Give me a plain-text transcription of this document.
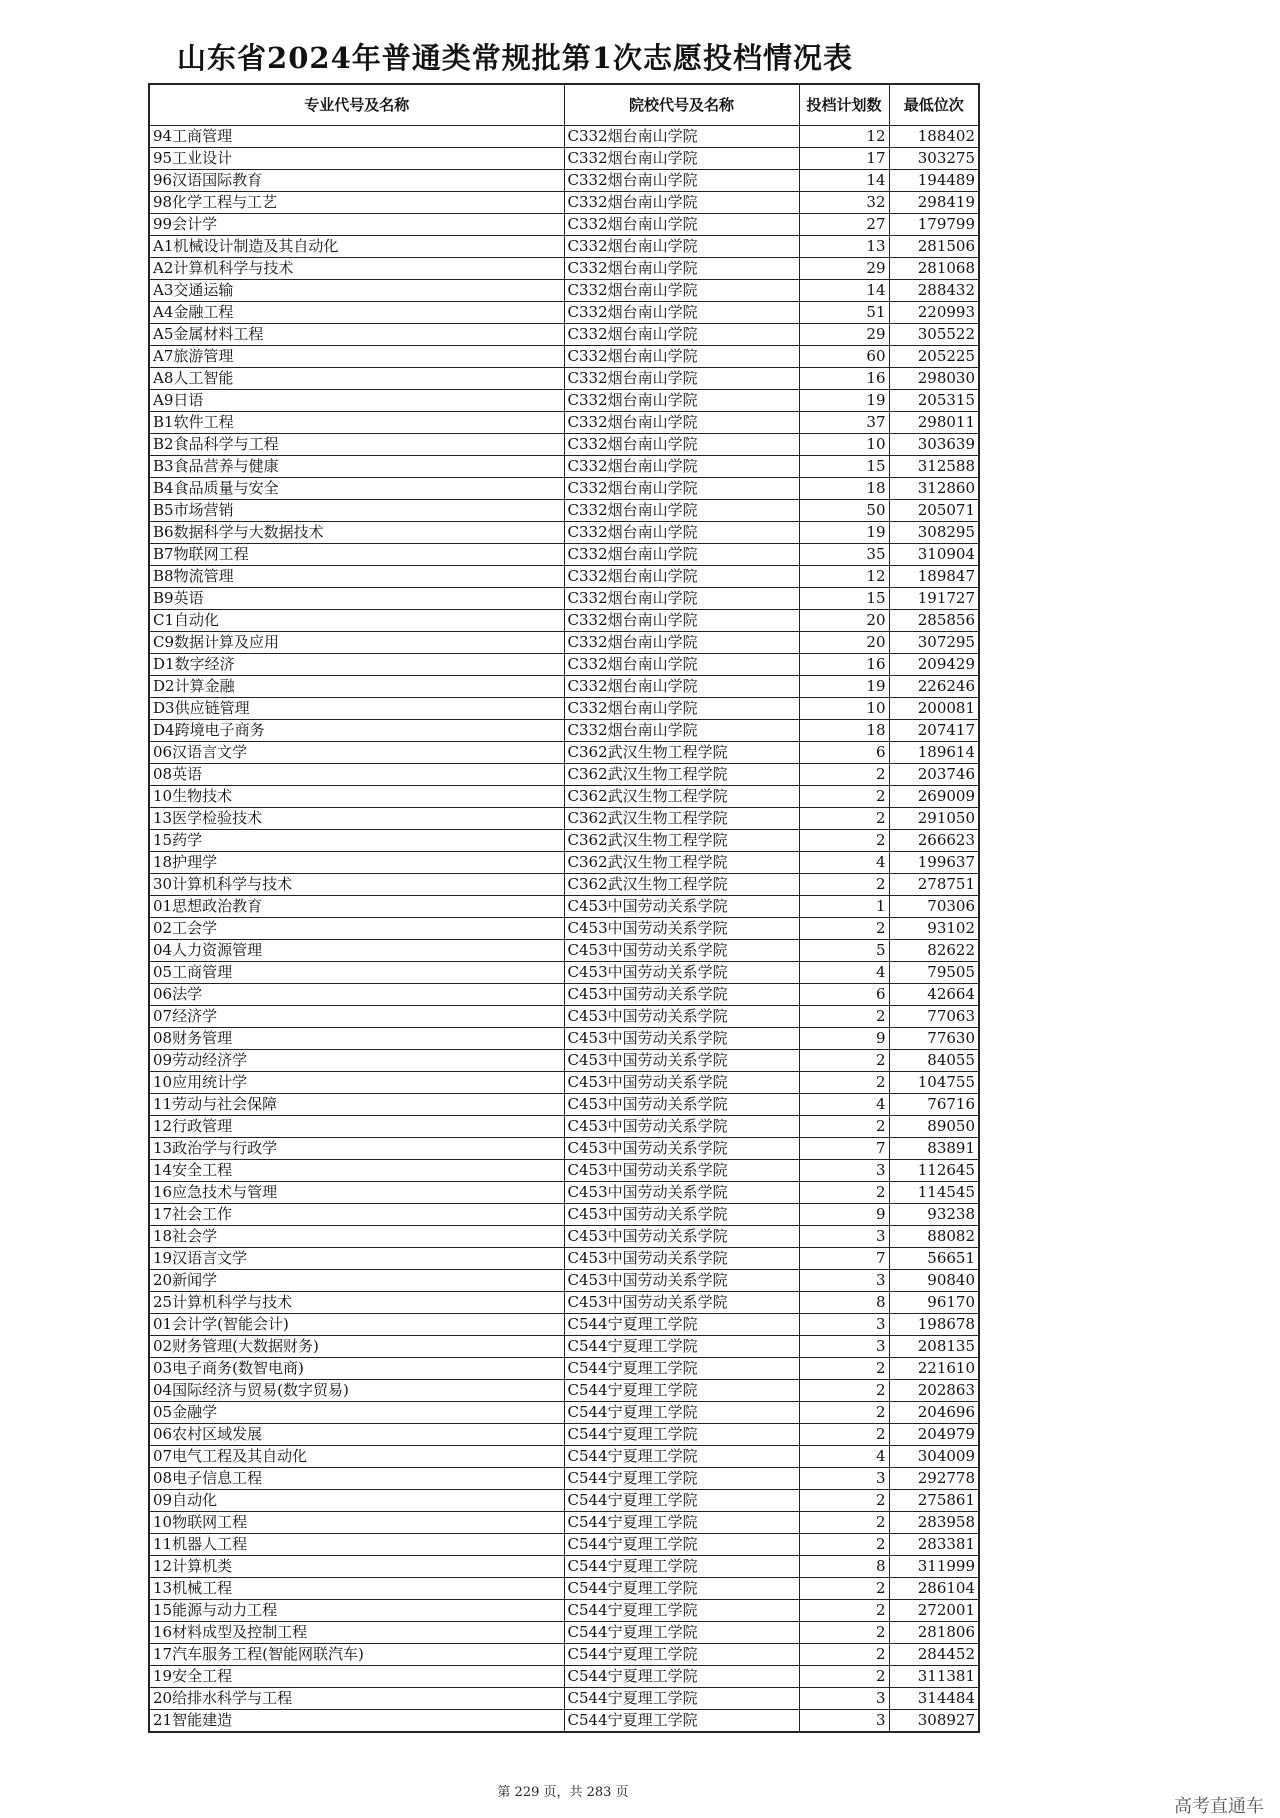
山东省2024年普通类常规批第1次志愿投档情况表
专业代号及名称	院校代号及名称	投档计划数	最低位次
94工商管理	C332烟台南山学院	12	188402
95工业设计	C332烟台南山学院	17	303275
96汉语国际教育	C332烟台南山学院	14	194489
98化学工程与工艺	C332烟台南山学院	32	298419
99会计学	C332烟台南山学院	27	179799
A1机械设计制造及其自动化	C332烟台南山学院	13	281506
A2计算机科学与技术	C332烟台南山学院	29	281068
A3交通运输	C332烟台南山学院	14	288432
A4金融工程	C332烟台南山学院	51	220993
A5金属材料工程	C332烟台南山学院	29	305522
A7旅游管理	C332烟台南山学院	60	205225
A8人工智能	C332烟台南山学院	16	298030
A9日语	C332烟台南山学院	19	205315
B1软件工程	C332烟台南山学院	37	298011
B2食品科学与工程	C332烟台南山学院	10	303639
B3食品营养与健康	C332烟台南山学院	15	312588
B4食品质量与安全	C332烟台南山学院	18	312860
B5市场营销	C332烟台南山学院	50	205071
B6数据科学与大数据技术	C332烟台南山学院	19	308295
B7物联网工程	C332烟台南山学院	35	310904
B8物流管理	C332烟台南山学院	12	189847
B9英语	C332烟台南山学院	15	191727
C1自动化	C332烟台南山学院	20	285856
C9数据计算及应用	C332烟台南山学院	20	307295
D1数字经济	C332烟台南山学院	16	209429
D2计算金融	C332烟台南山学院	19	226246
D3供应链管理	C332烟台南山学院	10	200081
D4跨境电子商务	C332烟台南山学院	18	207417
06汉语言文学	C362武汉生物工程学院	6	189614
08英语	C362武汉生物工程学院	2	203746
10生物技术	C362武汉生物工程学院	2	269009
13医学检验技术	C362武汉生物工程学院	2	291050
15药学	C362武汉生物工程学院	2	266623
18护理学	C362武汉生物工程学院	4	199637
30计算机科学与技术	C362武汉生物工程学院	2	278751
01思想政治教育	C453中国劳动关系学院	1	70306
02工会学	C453中国劳动关系学院	2	93102
04人力资源管理	C453中国劳动关系学院	5	82622
05工商管理	C453中国劳动关系学院	4	79505
06法学	C453中国劳动关系学院	6	42664
07经济学	C453中国劳动关系学院	2	77063
08财务管理	C453中国劳动关系学院	9	77630
09劳动经济学	C453中国劳动关系学院	2	84055
10应用统计学	C453中国劳动关系学院	2	104755
11劳动与社会保障	C453中国劳动关系学院	4	76716
12行政管理	C453中国劳动关系学院	2	89050
13政治学与行政学	C453中国劳动关系学院	7	83891
14安全工程	C453中国劳动关系学院	3	112645
16应急技术与管理	C453中国劳动关系学院	2	114545
17社会工作	C453中国劳动关系学院	9	93238
18社会学	C453中国劳动关系学院	3	88082
19汉语言文学	C453中国劳动关系学院	7	56651
20新闻学	C453中国劳动关系学院	3	90840
25计算机科学与技术	C453中国劳动关系学院	8	96170
01会计学(智能会计)	C544宁夏理工学院	3	198678
02财务管理(大数据财务)	C544宁夏理工学院	3	208135
03电子商务(数智电商)	C544宁夏理工学院	2	221610
04国际经济与贸易(数字贸易)	C544宁夏理工学院	2	202863
05金融学	C544宁夏理工学院	2	204696
06农村区域发展	C544宁夏理工学院	2	204979
07电气工程及其自动化	C544宁夏理工学院	4	304009
08电子信息工程	C544宁夏理工学院	3	292778
09自动化	C544宁夏理工学院	2	275861
10物联网工程	C544宁夏理工学院	2	283958
11机器人工程	C544宁夏理工学院	2	283381
12计算机类	C544宁夏理工学院	8	311999
13机械工程	C544宁夏理工学院	2	286104
15能源与动力工程	C544宁夏理工学院	2	272001
16材料成型及控制工程	C544宁夏理工学院	2	281806
17汽车服务工程(智能网联汽车)	C544宁夏理工学院	2	284452
19安全工程	C544宁夏理工学院	2	311381
20给排水科学与工程	C544宁夏理工学院	3	314484
21智能建造	C544宁夏理工学院	3	308927
第 229 页，共 283 页
高考直通车
